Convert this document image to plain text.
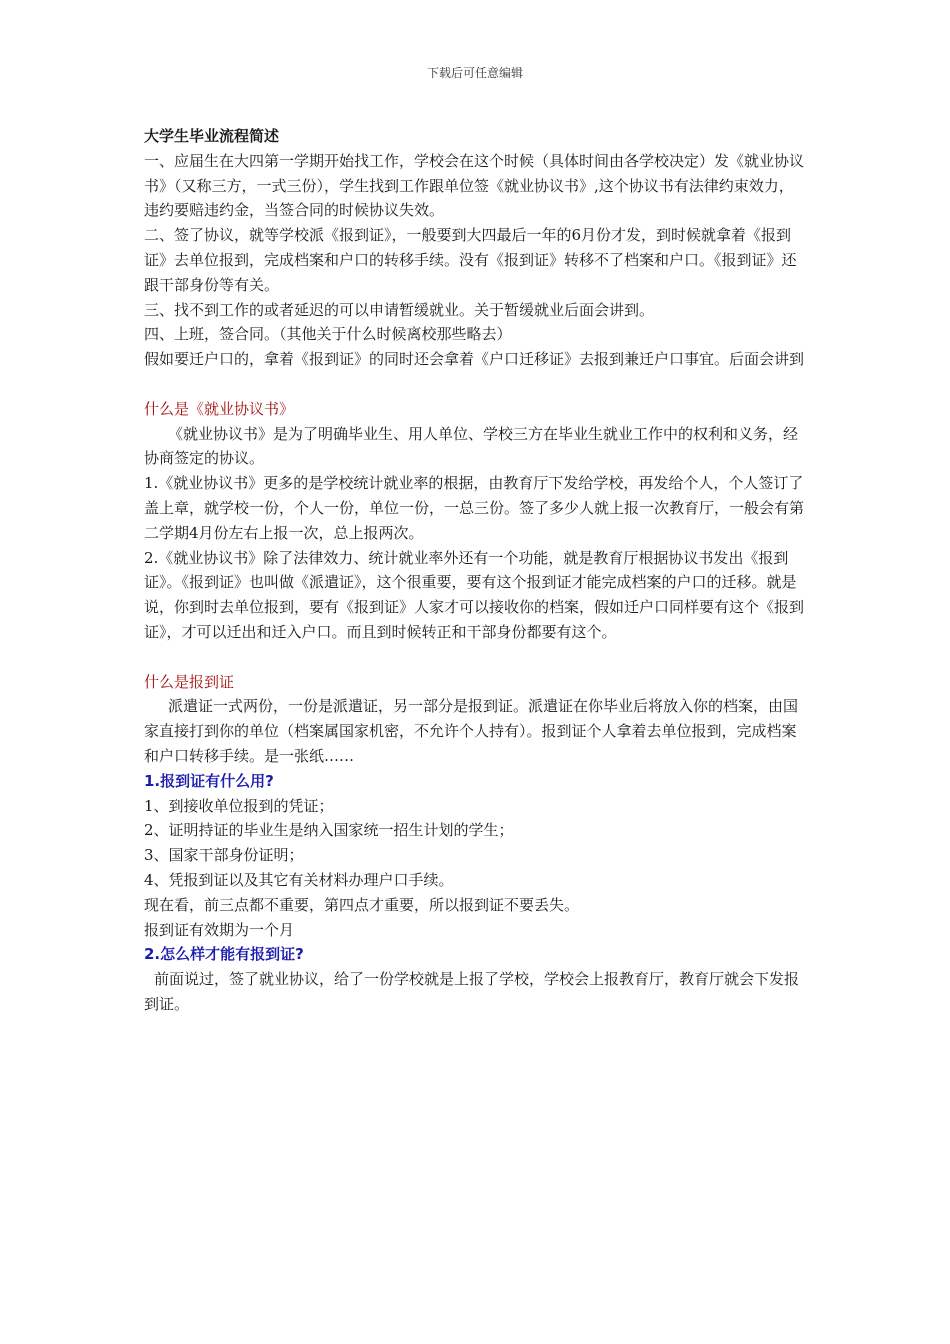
下载后可任意编辑

大学生毕业流程简述

一、应届生在大四第一学期开始找工作，学校会在这个时候（具体时间由各学校决定）发《就业协议书》（又称三方，一式三份），学生找到工作跟单位签《就业协议书》,这个协议书有法律约束效力，违约要赔违约金，当签合同的时候协议失效。

二、签了协议，就等学校派《报到证》，一般要到大四最后一年的6月份才发，到时候就拿着《报到证》去单位报到，完成档案和户口的转移手续。没有《报到证》转移不了档案和户口。《报到证》还跟干部身份等有关。

三、找不到工作的或者延迟的可以申请暂缓就业。关于暂缓就业后面会讲到。

四、上班，签合同。（其他关于什么时候离校那些略去）

假如要迁户口的，拿着《报到证》的同时还会拿着《户口迁移证》去报到兼迁户口事宜。后面会讲到

什么是《就业协议书》

《就业协议书》是为了明确毕业生、用人单位、学校三方在毕业生就业工作中的权利和义务，经协商签定的协议。

1.《就业协议书》更多的是学校统计就业率的根据，由教育厅下发给学校，再发给个人，个人签订了盖上章，就学校一份，个人一份，单位一份，一总三份。签了多少人就上报一次教育厅，一般会有第二学期4月份左右上报一次，总上报两次。

2.《就业协议书》除了法律效力、统计就业率外还有一个功能，就是教育厅根据协议书发出《报到证》。《报到证》也叫做《派遣证》，这个很重要，要有这个报到证才能完成档案的户口的迁移。就是说，你到时去单位报到，要有《报到证》人家才可以接收你的档案，假如迁户口同样要有这个《报到证》，才可以迁出和迁入户口。而且到时候转正和干部身份都要有这个。

什么是报到证

派遣证一式两份，一份是派遣证，另一部分是报到证。派遣证在你毕业后将放入你的档案，由国家直接打到你的单位（档案属国家机密，不允许个人持有）。报到证个人拿着去单位报到，完成档案和户口转移手续。是一张纸……

1.报到证有什么用?

1、到接收单位报到的凭证；

2、证明持证的毕业生是纳入国家统一招生计划的学生；

3、国家干部身份证明；

4、凭报到证以及其它有关材料办理户口手续。

现在看，前三点都不重要，第四点才重要，所以报到证不要丢失。

报到证有效期为一个月

2.怎么样才能有报到证?

前面说过，签了就业协议，给了一份学校就是上报了学校，学校会上报教育厅，教育厅就会下发报到证。
